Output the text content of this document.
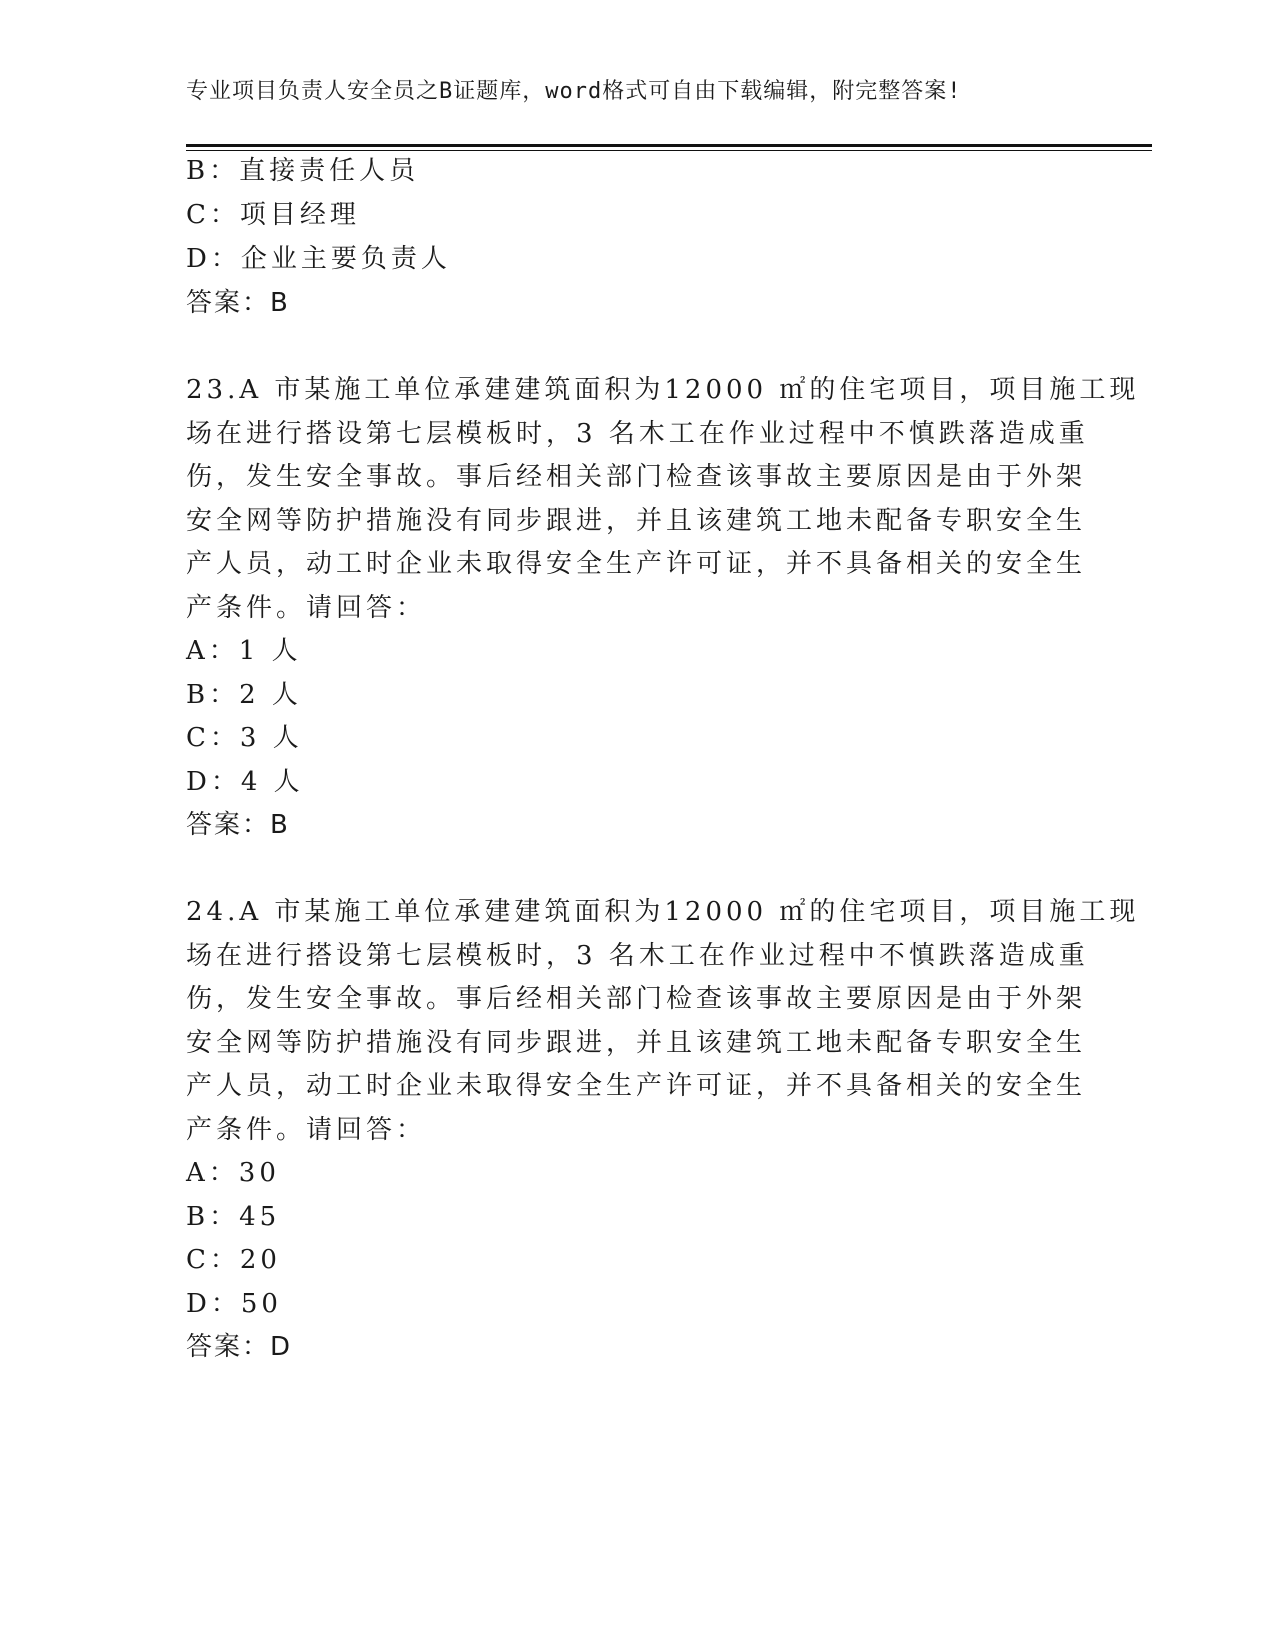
专业项目负责人安全员之B证题库，word格式可自由下载编辑，附完整答案!
B：直接责任人员
C：项目经理
D：企业主要负责人
答案：B
23.A 市某施工单位承建建筑面积为12000 ㎡的住宅项目，项目施工现
场在进行搭设第七层模板时，3 名木工在作业过程中不慎跌落造成重
伤，发生安全事故。事后经相关部门检查该事故主要原因是由于外架
安全网等防护措施没有同步跟进，并且该建筑工地未配备专职安全生
产人员，动工时企业未取得安全生产许可证，并不具备相关的安全生
产条件。请回答：
A：1 人
B：2 人
C：3 人
D：4 人
答案：B
24.A 市某施工单位承建建筑面积为12000 ㎡的住宅项目，项目施工现
场在进行搭设第七层模板时，3 名木工在作业过程中不慎跌落造成重
伤，发生安全事故。事后经相关部门检查该事故主要原因是由于外架
安全网等防护措施没有同步跟进，并且该建筑工地未配备专职安全生
产人员，动工时企业未取得安全生产许可证，并不具备相关的安全生
产条件。请回答：
A：30
B：45
C：20
D：50
答案：D
